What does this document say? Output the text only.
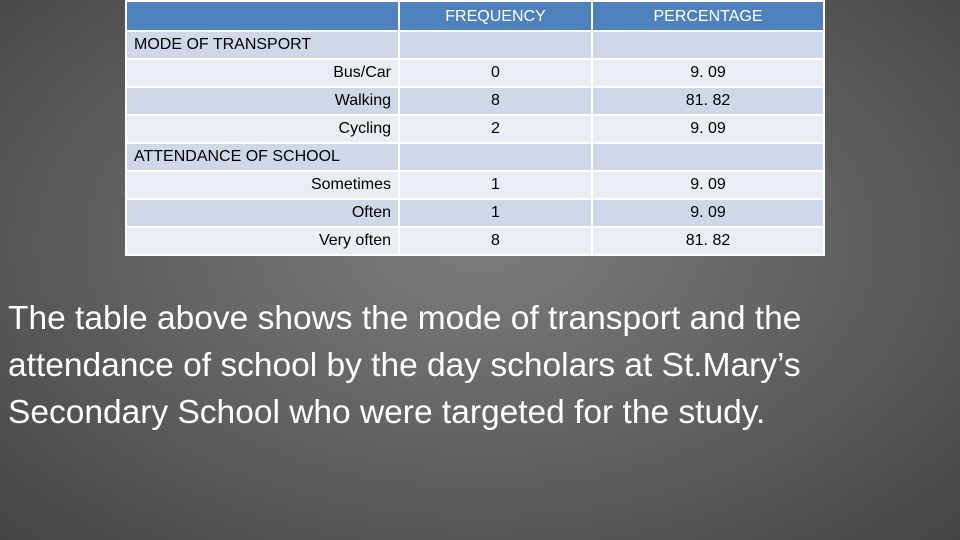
	FREQUENCY	PERCENTAGE
MODE OF TRANSPORT		
Bus/Car	0	9. 09
Walking	8	81. 82
Cycling	2	9. 09
ATTENDANCE OF SCHOOL		
Sometimes	1	9. 09
Often	1	9. 09
Very often	8	81. 82

The table above shows the mode of transport and the attendance of school by the day scholars at St.Mary’s Secondary School who were targeted for the study.
